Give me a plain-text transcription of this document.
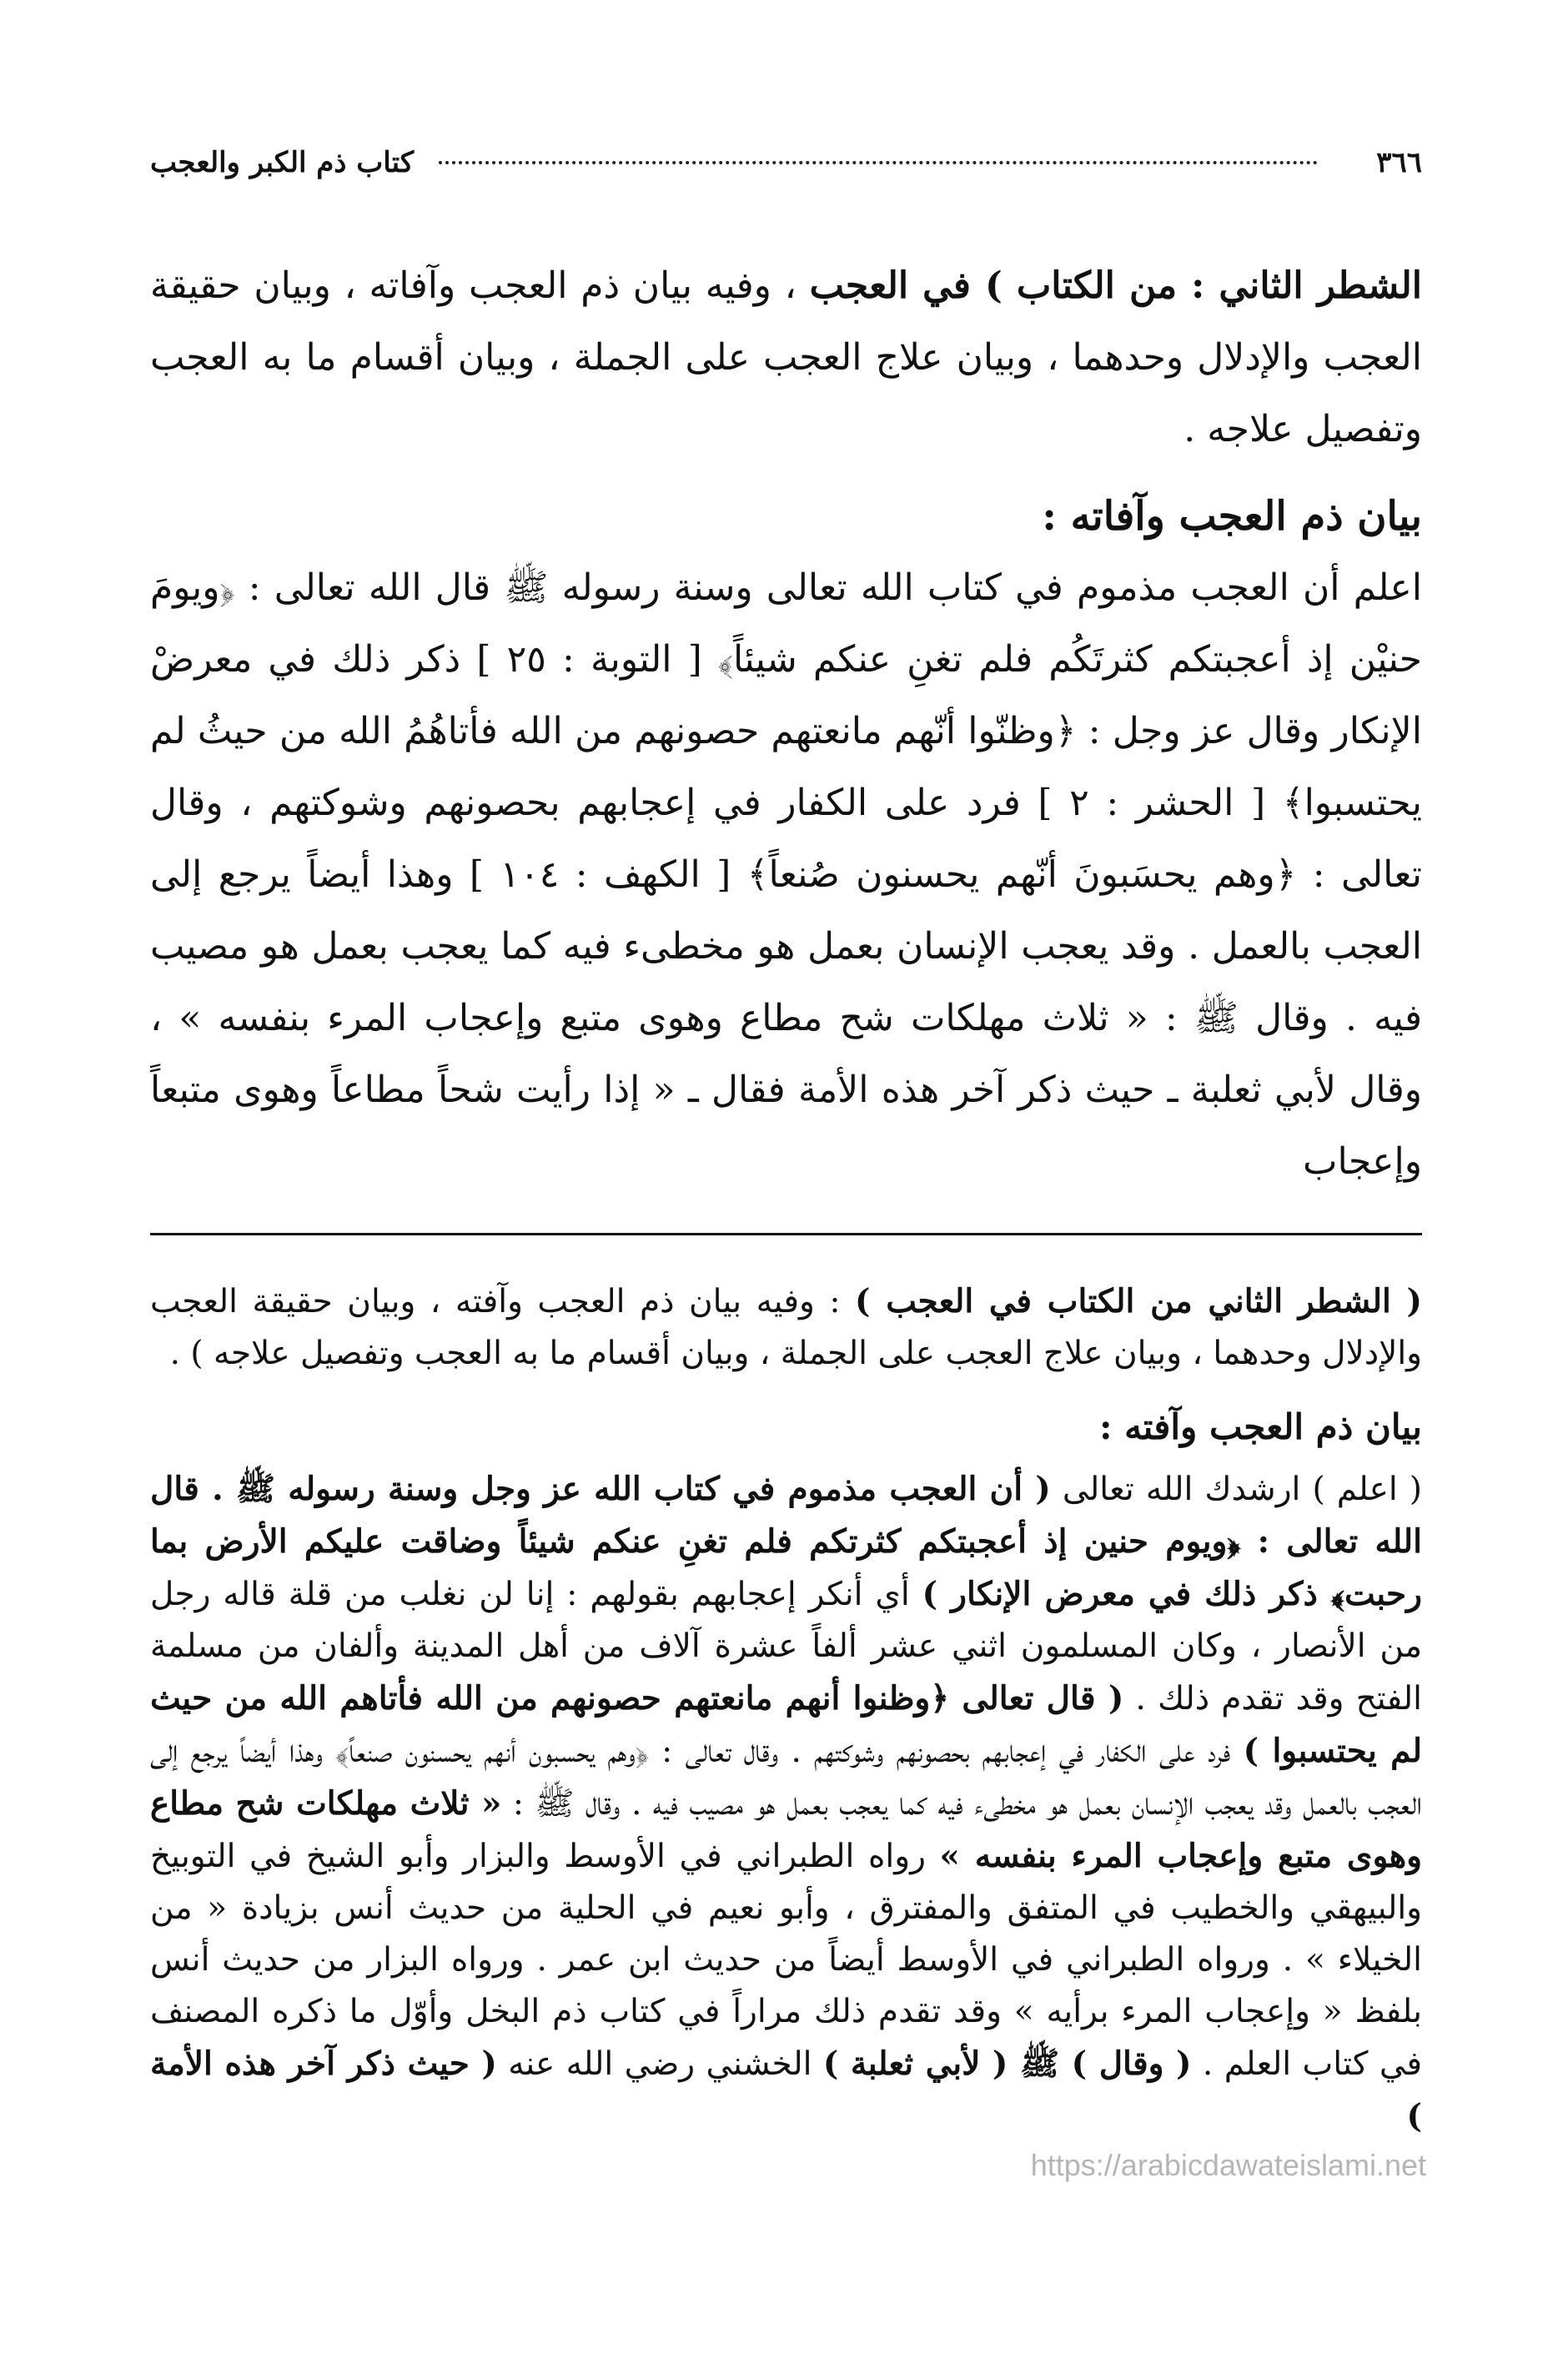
٣٦٦
كتاب ذم الكبر والعجب

الشطر الثاني : من الكتاب ) في العجب ، وفيه بيان ذم العجب وآفاته ، وبيان حقيقة العجب والإدلال وحدهما ، وبيان علاج العجب على الجملة ، وبيان أقسام ما به العجب وتفصيل علاجه .

بيان ذم العجب وآفاته :

اعلم أن العجب مذموم في كتاب الله تعالى وسنة رسوله ﷺ قال الله تعالى : ﴿ويومَ حنيْن إذ أعجبتكم كثرتَكُم فلم تغنِ عنكم شيئاً﴾ [ التوبة : ٢٥ ] ذكر ذلك في معرضْ الإنكار وقال عز وجل : ﴿وظنّوا أنّهم مانعتهم حصونهم من الله فأتاهُمُ الله من حيثُ لم يحتسبوا﴾ [ الحشر : ٢ ] فرد على الكفار في إعجابهم بحصونهم وشوكتهم ، وقال تعالى : ﴿وهم يحسَبونَ أنّهم يحسنون صُنعاً﴾ [ الكهف : ١٠٤ ] وهذا أيضاً يرجع إلى العجب بالعمل . وقد يعجب الإنسان بعمل هو مخطىء فيه كما يعجب بعمل هو مصيب فيه . وقال ﷺ : « ثلاث مهلكات شح مطاع وهوى متبع وإعجاب المرء بنفسه » ، وقال لأبي ثعلبة ـ حيث ذكر آخر هذه الأمة فقال ـ « إذا رأيت شحاً مطاعاً وهوى متبعاً وإعجاب

( الشطر الثاني من الكتاب في العجب ) : وفيه بيان ذم العجب وآفته ، وبيان حقيقة العجب والإدلال وحدهما ، وبيان علاج العجب على الجملة ، وبيان أقسام ما به العجب وتفصيل علاجه ) .

بيان ذم العجب وآفته :

( اعلم ) ارشدك الله تعالى ( أن العجب مذموم في كتاب الله عز وجل وسنة رسوله ﷺ . قال الله تعالى : ﴿ويوم حنين إذ أعجبتكم كثرتكم فلم تغنِ عنكم شيئاً وضاقت عليكم الأرض بما رحبت﴾ ذكر ذلك في معرض الإنكار ) أي أنكر إعجابهم بقولهم : إنا لن نغلب من قلة قاله رجل من الأنصار ، وكان المسلمون اثني عشر ألفاً عشرة آلاف من أهل المدينة وألفان من مسلمة الفتح وقد تقدم ذلك . ( قال تعالى ﴿وظنوا أنهم مانعتهم حصونهم من الله فأتاهم الله من حيث لم يحتسبوا ) فرد على الكفار في إعجابهم بحصونهم وشوكتهم . وقال تعالى : ﴿وهم يحسبون أنهم يحسنون صنعاً﴾ وهذا أيضاً يرجع إلى العجب بالعمل وقد يعجب الإنسان بعمل هو مخطىء فيه كما يعجب بعمل هو مصيب فيه . وقال ﷺ : « ثلاث مهلكات شح مطاع وهوى متبع وإعجاب المرء بنفسه » رواه الطبراني في الأوسط والبزار وأبو الشيخ في التوبيخ والبيهقي والخطيب في المتفق والمفترق ، وأبو نعيم في الحلية من حديث أنس بزيادة « من الخيلاء » . ورواه الطبراني في الأوسط أيضاً من حديث ابن عمر . ورواه البزار من حديث أنس بلفظ « وإعجاب المرء برأيه » وقد تقدم ذلك مراراً في كتاب ذم البخل وأوّل ما ذكره المصنف في كتاب العلم . ( وقال ) ﷺ ( لأبي ثعلبة ) الخشني رضي الله عنه ( حيث ذكر آخر هذه الأمة )

https://arabicdawateislami.net
